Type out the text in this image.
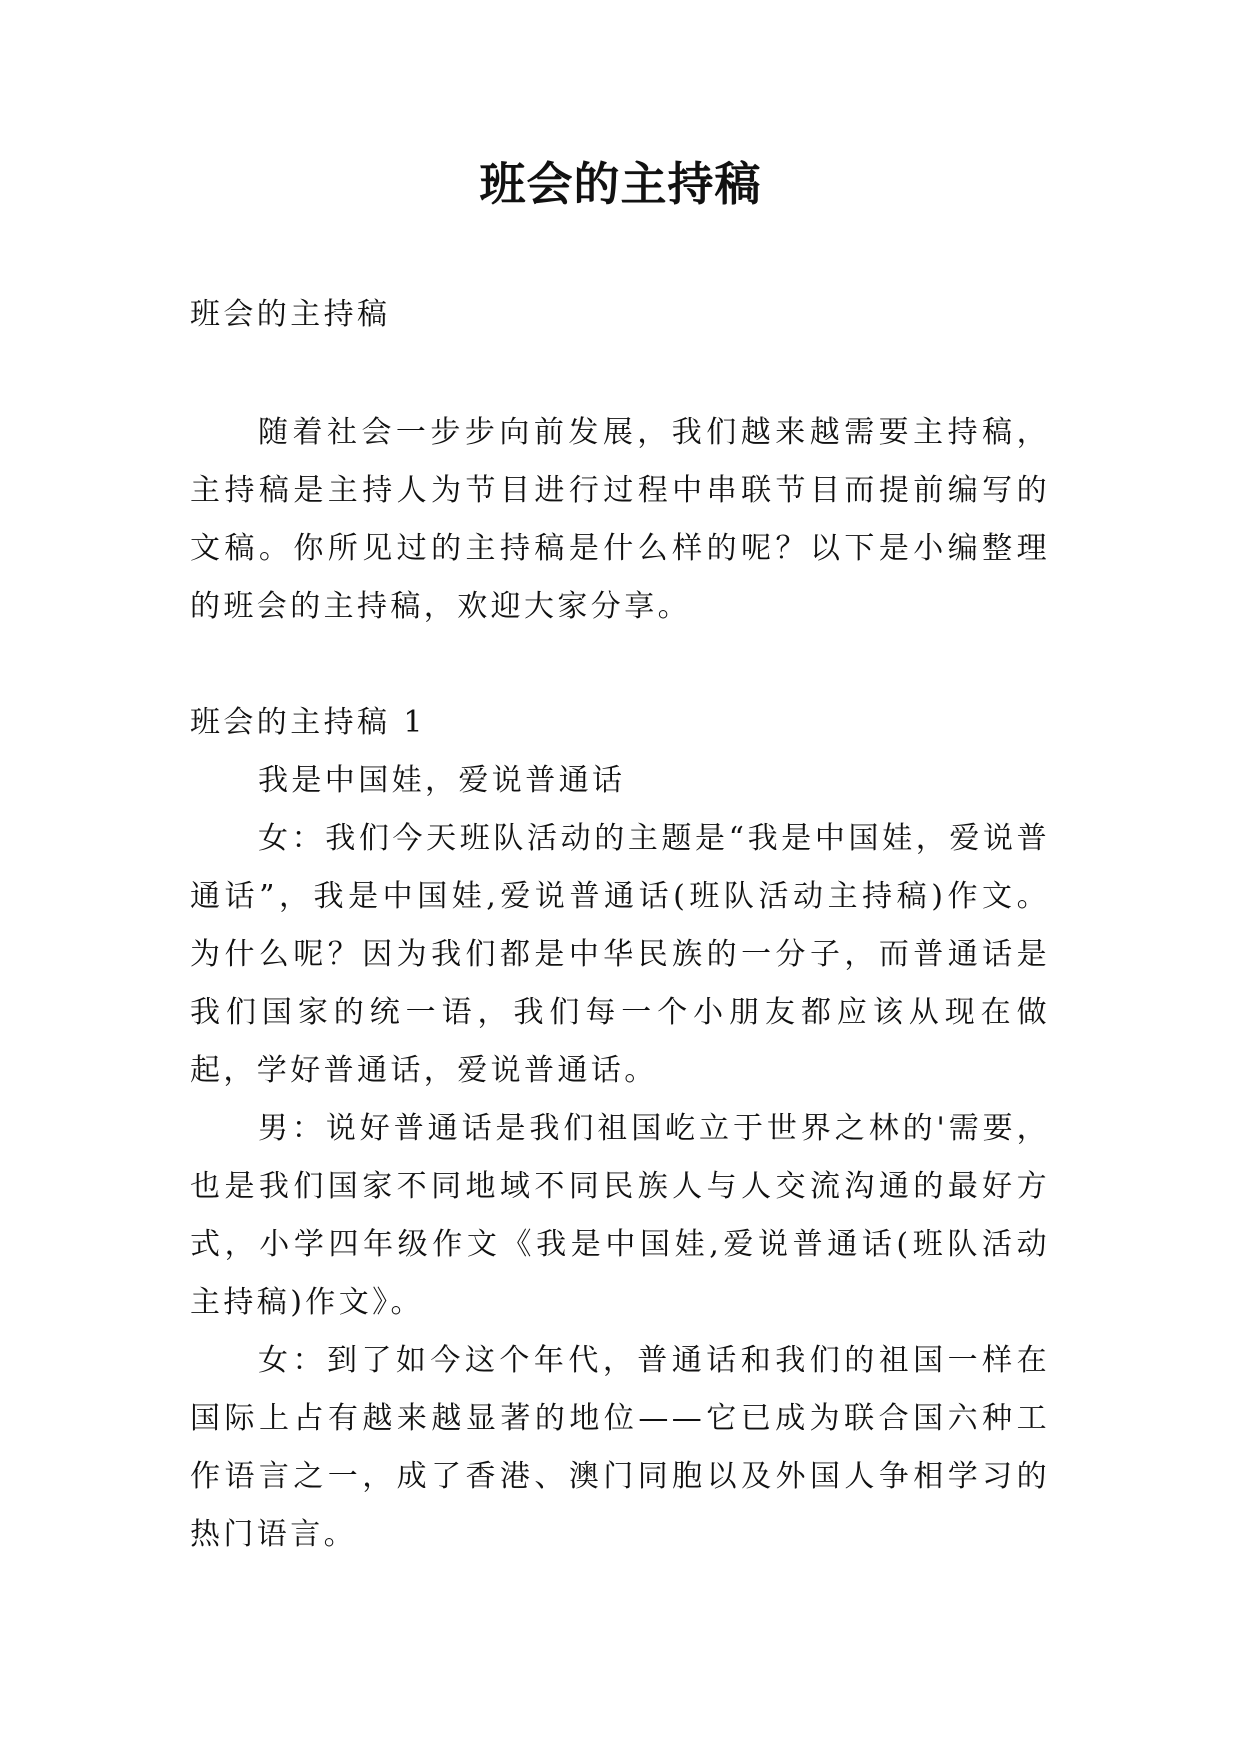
班会的主持稿

班会的主持稿

随着社会一步步向前发展，我们越来越需要主持稿，主持稿是主持人为节目进行过程中串联节目而提前编写的文稿。你所见过的主持稿是什么样的呢？以下是小编整理的班会的主持稿，欢迎大家分享。

班会的主持稿 1

我是中国娃，爱说普通话

女：我们今天班队活动的主题是“我是中国娃，爱说普通话”，我是中国娃,爱说普通话(班队活动主持稿)作文。为什么呢？因为我们都是中华民族的一分子，而普通话是我们国家的统一语，我们每一个小朋友都应该从现在做起，学好普通话，爱说普通话。

男：说好普通话是我们祖国屹立于世界之林的'需要，也是我们国家不同地域不同民族人与人交流沟通的最好方式，小学四年级作文《我是中国娃,爱说普通话(班队活动主持稿)作文》。

女：到了如今这个年代，普通话和我们的祖国一样在国际上占有越来越显著的地位——它已成为联合国六种工作语言之一，成了香港、澳门同胞以及外国人争相学习的热门语言。
